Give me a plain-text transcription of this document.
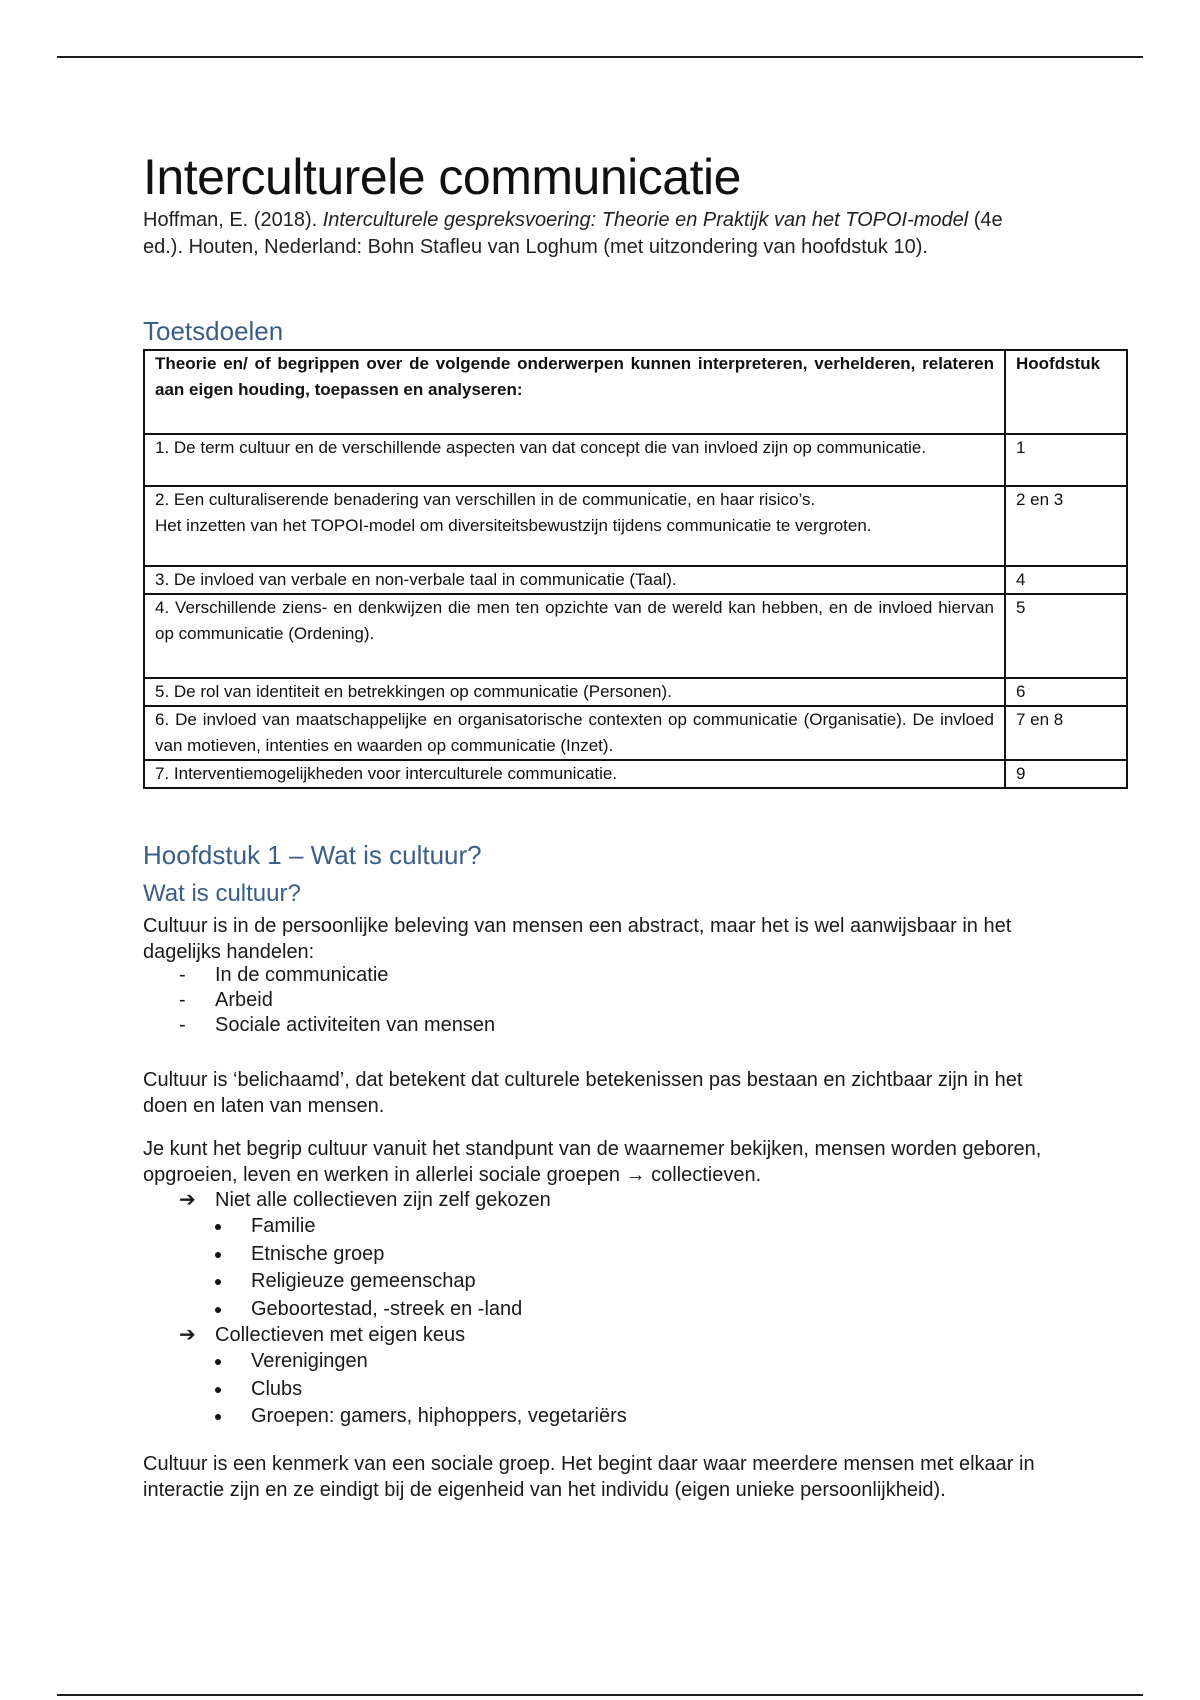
Interculturele communicatie

Hoffman, E. (2018). Interculturele gespreksvoering: Theorie en Praktijk van het TOPOI-model (4e ed.). Houten, Nederland: Bohn Stafleu van Loghum (met uitzondering van hoofdstuk 10).

Toetsdoelen
Theorie en/ of begrippen over de volgende onderwerpen kunnen interpreteren, verhelderen, relateren aan eigen houding, toepassen en analyseren:	Hoofdstuk
1. De term cultuur en de verschillende aspecten van dat concept die van invloed zijn op communicatie.	1

2. Een culturaliserende benadering van verschillen in de communicatie, en haar risico’s.
Het inzetten van het TOPOI-model om diversiteitsbewustzijn tijdens communicatie te vergroten.	2 en 3
3. De invloed van verbale en non-verbale taal in communicatie (Taal).	4
4. Verschillende ziens- en denkwijzen die men ten opzichte van de wereld kan hebben, en de invloed hiervan op communicatie (Ordening).	5
5. De rol van identiteit en betrekkingen op communicatie (Personen).	6
6. De invloed van maatschappelijke en organisatorische contexten op communicatie (Organisatie). De invloed van motieven, intenties en waarden op communicatie (Inzet).	7 en 8
7. Interventiemogelijkheden voor interculturele communicatie.	9
Hoofdstuk 1 – Wat is cultuur?
Wat is cultuur?

Cultuur is in de persoonlijke beleving van mensen een abstract, maar het is wel aanwijsbaar in het dagelijks handelen:

- In de communicatie
- Arbeid
- Sociale activiteiten van mensen

Cultuur is ‘belichaamd’, dat betekent dat culturele betekenissen pas bestaan en zichtbaar zijn in het doen en laten van mensen.

Je kunt het begrip cultuur vanuit het standpunt van de waarnemer bekijken, mensen worden geboren, opgroeien, leven en werken in allerlei sociale groepen → collectieven.

➔ Niet alle collectieven zijn zelf gekozen
Familie
Etnische groep
Religieuze gemeenschap
Geboortestad, -streek en -land
➔ Collectieven met eigen keus
Verenigingen
Clubs
Groepen: gamers, hiphoppers, vegetariërs

Cultuur is een kenmerk van een sociale groep. Het begint daar waar meerdere mensen met elkaar in interactie zijn en ze eindigt bij de eigenheid van het individu (eigen unieke persoonlijkheid).
